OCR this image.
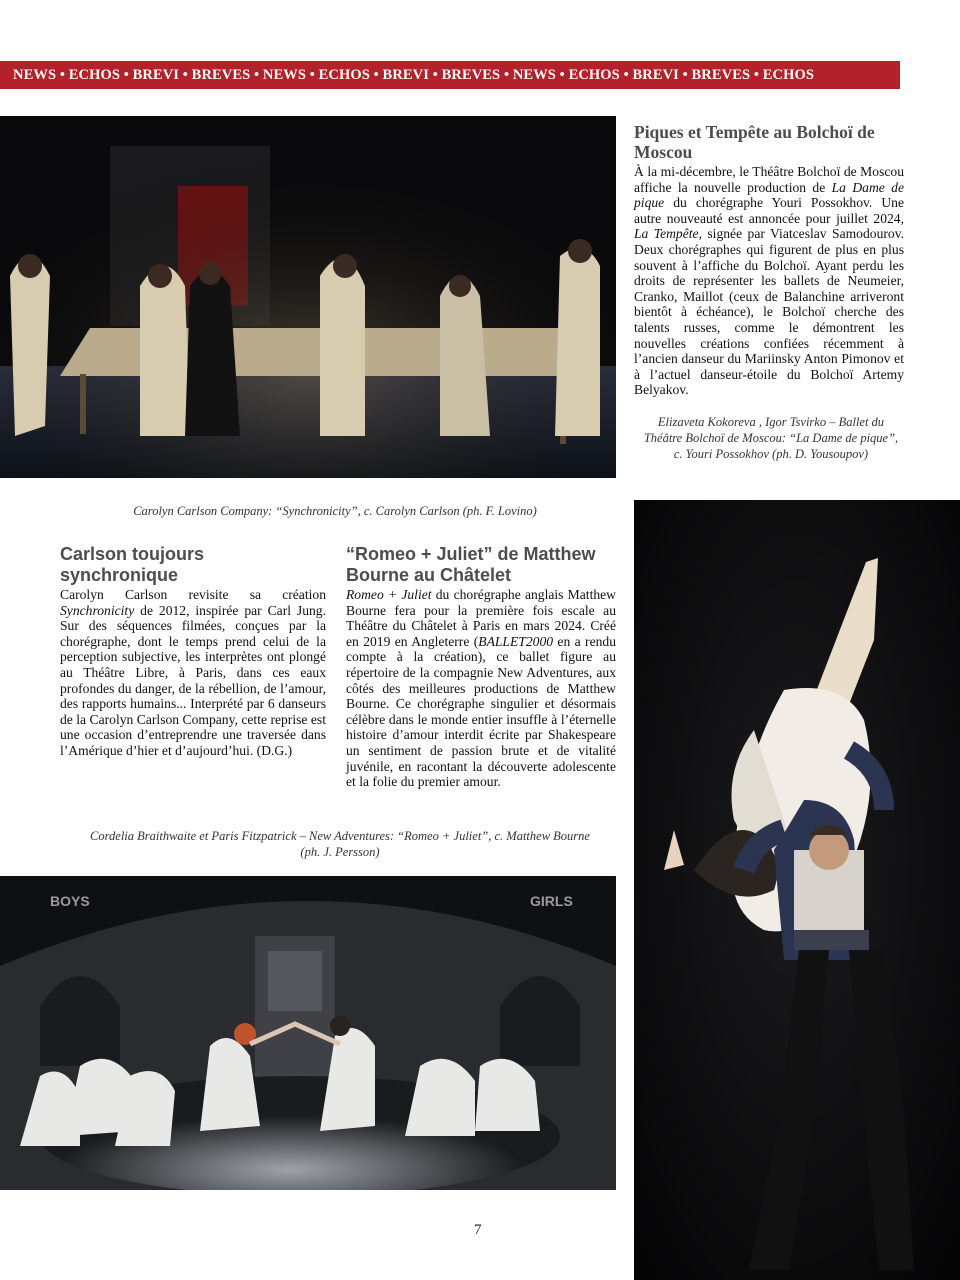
NEWS • ECHOS • BREVI • BREVES • NEWS • ECHOS • BREVI • BREVES • NEWS • ECHOS • BREVI • BREVES • ECHOS
Piques et Tempête au Bolchoï de Moscou
À la mi-décembre, le Théâtre Bolchoï de Moscou affiche la nouvelle production de La Dame de pique du chorégraphe Youri Possokhov. Une autre nouveauté est annoncée pour juillet 2024, La Tempête, signée par Viatceslav Samodourov. Deux chorégraphes qui figurent de plus en plus souvent à l’affiche du Bolchoï. Ayant perdu les droits de représenter les ballets de Neumeier, Cranko, Maillot (ceux de Balanchine arriveront bientôt à échéance), le Bolchoï cherche des talents russes, comme le démontrent les nouvelles créations confiées récemment à l’ancien danseur du Mariinsky Anton Pimonov et à l’actuel danseur-étoile du Bolchoï Artemy Belyakov.
Elizaveta Kokoreva , Igor Tsvirko – Ballet du Théâtre Bolchoï de Moscou: “La Dame de pique”, c. Youri Possokhov (ph. D. Yousoupov)
Carolyn Carlson Company: “Synchronicity”, c. Carolyn Carlson (ph. F. Lovino)
Carlson toujours synchronique
Carolyn Carlson revisite sa création Synchronicity de 2012, inspirée par Carl Jung. Sur des séquences filmées, conçues par la chorégraphe, dont le temps prend celui de la perception subjective, les interprètes ont plongé au Théâtre Libre, à Paris, dans ces eaux profondes du danger, de la rébellion, de l’amour, des rapports humains... Interprété par 6 danseurs de la Carolyn Carlson Company, cette reprise est une occasion d’entreprendre une traversée dans l’Amérique d’hier et d’aujourd’hui. (D.G.)
“Romeo + Juliet” de Matthew Bourne au Châtelet
Romeo + Juliet du chorégraphe anglais Matthew Bourne fera pour la première fois escale au Théâtre du Châtelet à Paris en mars 2024. Créé en 2019 en Angleterre (BALLET2000 en a rendu compte à la création), ce ballet figure au répertoire de la compagnie New Adventures, aux côtés des meilleures productions de Matthew Bourne. Ce chorégraphe singulier et désormais célèbre dans le monde entier insuffle à l’éternelle histoire d’amour interdit écrite par Shakespeare un sentiment de passion brute et de vitalité juvénile, en racontant la découverte adolescente et la folie du premier amour.
Cordelia Braithwaite et Paris Fitzpatrick – New Adventures: “Romeo + Juliet”, c. Matthew Bourne (ph. J. Persson)
BOYS	GIRLS
7
